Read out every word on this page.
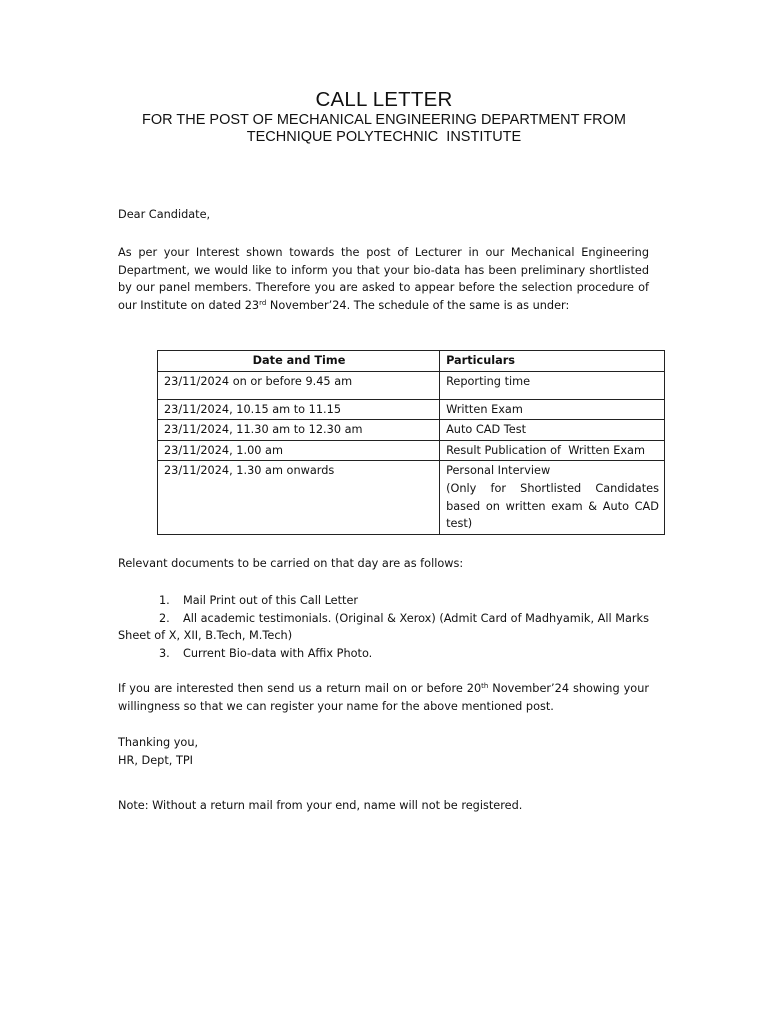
CALL LETTER
FOR THE POST OF MECHANICAL ENGINEERING DEPARTMENT FROM
TECHNIQUE POLYTECHNIC  INSTITUTE
Dear Candidate,

As per your Interest shown towards the post of Lecturer in our Mechanical Engineering Department, we would like to inform you that your bio-data has been preliminary shortlisted by our panel members. Therefore you are asked to appear before the selection procedure of our Institute on dated 23rd November’24. The schedule of the same is as under:

Date and Time	Particulars
23/11/2024 on or before 9.45 am	Reporting time
23/11/2024, 10.15 am to 11.15	Written Exam
23/11/2024, 11.30 am to 12.30 am	Auto CAD Test
23/11/2024, 1.00 am	Result Publication of  Written Exam
23/11/2024, 1.30 am onwards	Personal Interview
(Only for Shortlisted Candidates based on written exam & Auto CAD test)
Relevant documents to be carried on that day are as follows:
1. Mail Print out of this Call Letter
2. All academic testimonials. (Original & Xerox) (Admit Card of Madhyamik, All Marks Sheet of X, XII, B.Tech, M.Tech)
3. Current Bio-data with Affix Photo.

If you are interested then send us a return mail on or before 20th November’24 showing your willingness so that we can register your name for the above mentioned post.

Thanking you,
HR, Dept, TPI
Note: Without a return mail from your end, name will not be registered.
